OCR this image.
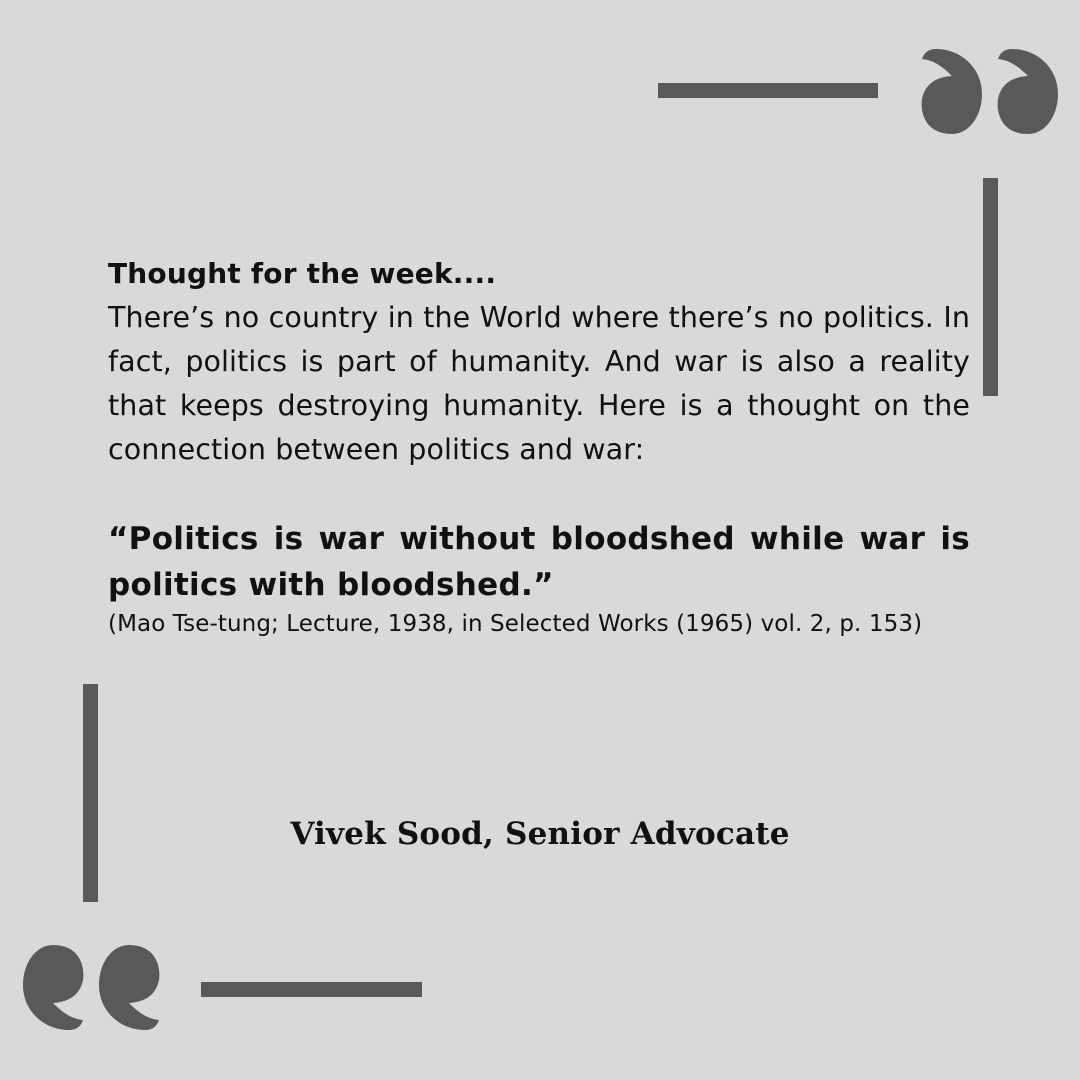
Thought for the week....

There’s no country in the World where there’s no politics. In fact, politics is part of humanity. And war is also a reality that keeps destroying humanity. Here is a thought on the connection between politics and war:

“Politics is war without bloodshed while war is politics with bloodshed.”

(Mao Tse-tung; Lecture, 1938, in Selected Works (1965) vol. 2, p. 153)

Vivek Sood, Senior Advocate
